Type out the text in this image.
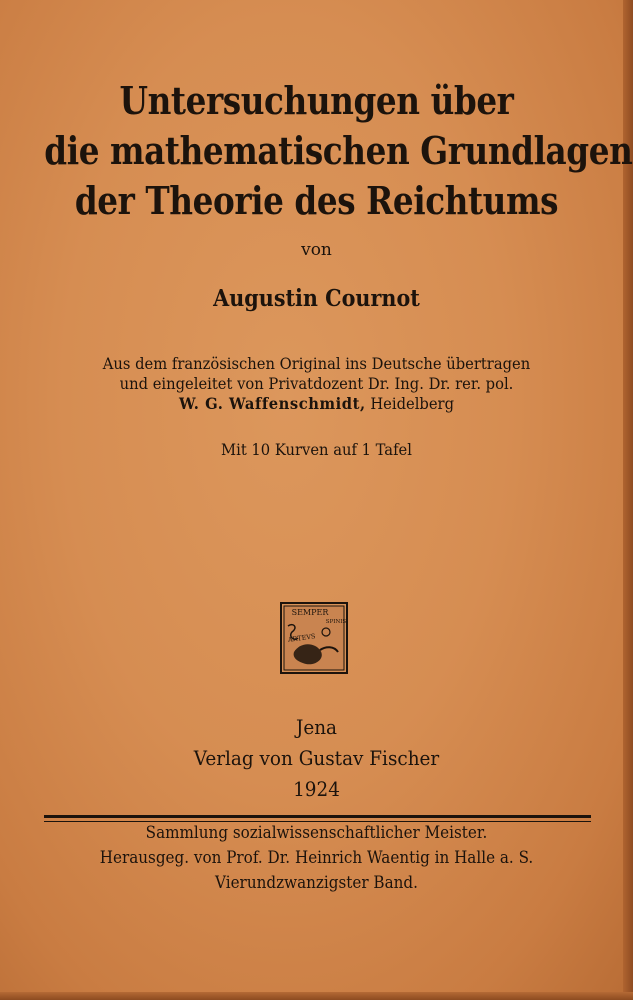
Untersuchungen über
die mathematischen Grundlagen
der Theorie des Reichtums
von
Augustin Cournot
Aus dem französischen Original ins Deutsche übertragen
und eingeleitet von Privatdozent Dr. Ing. Dr. rer. pol.
W. G. Waffenschmidt, Heidelberg
Mit 10 Kurven auf 1 Tafel
SEMPER
SPINIS
ARTEVS
Jena
Verlag von Gustav Fischer
1924
Sammlung sozialwissenschaftlicher Meister.
Herausgeg. von Prof. Dr. Heinrich Waentig in Halle a. S.
Vierundzwanzigster Band.
